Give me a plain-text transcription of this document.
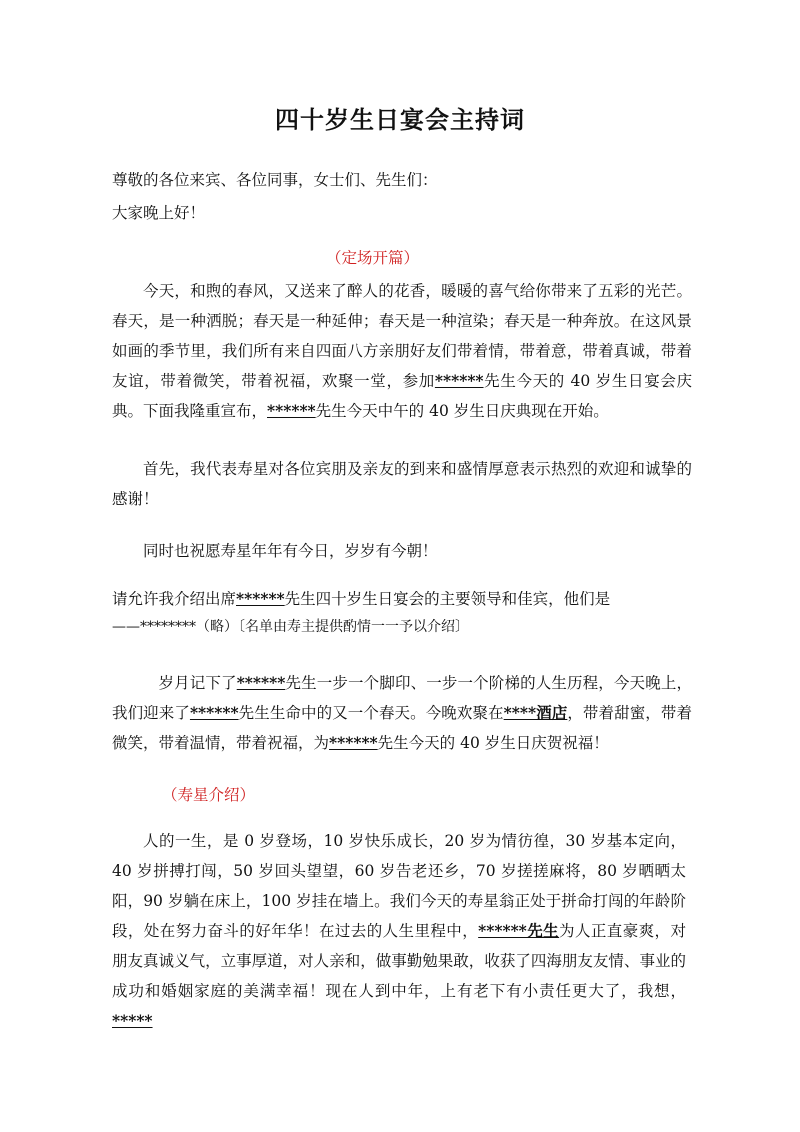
四十岁生日宴会主持词
尊敬的各位来宾、各位同事，女士们、先生们：
大家晚上好！
（定场开篇）

今天，和煦的春风，又送来了醉人的花香，暖暖的喜气给你带来了五彩的光芒。春天，是一种洒脱；春天是一种延伸；春天是一种渲染；春天是一种奔放。在这风景如画的季节里，我们所有来自四面八方亲朋好友们带着情，带着意，带着真诚，带着友谊，带着微笑，带着祝福，欢聚一堂，参加******先生今天的 40 岁生日宴会庆典。下面我隆重宣布，******先生今天中午的 40 岁生日庆典现在开始。

首先，我代表寿星对各位宾朋及亲友的到来和盛情厚意表示热烈的欢迎和诚挚的感谢！

同时也祝愿寿星年年有今日，岁岁有今朝！

请允许我介绍出席******先生四十岁生日宴会的主要领导和佳宾，他们是

——********（略）〔名单由寿主提供酌情一一予以介绍〕

岁月记下了******先生一步一个脚印、一步一个阶梯的人生历程，今天晚上，我们迎来了******先生生命中的又一个春天。今晚欢聚在****酒店，带着甜蜜，带着微笑，带着温情，带着祝福，为******先生今天的 40 岁生日庆贺祝福！

（寿星介绍）

人的一生，是 0 岁登场，10 岁快乐成长，20 岁为情彷徨，30 岁基本定向，40 岁拼搏打闯，50 岁回头望望，60 岁告老还乡，70 岁搓搓麻将，80 岁晒晒太阳，90 岁躺在床上，100 岁挂在墙上。我们今天的寿星翁正处于拼命打闯的年龄阶段，处在努力奋斗的好年华！在过去的人生里程中，******先生为人正直豪爽，对朋友真诚义气，立事厚道，对人亲和，做事勤勉果敢，收获了四海朋友友情、事业的成功和婚姻家庭的美满幸福！现在人到中年，上有老下有小责任更大了，我想，*****
